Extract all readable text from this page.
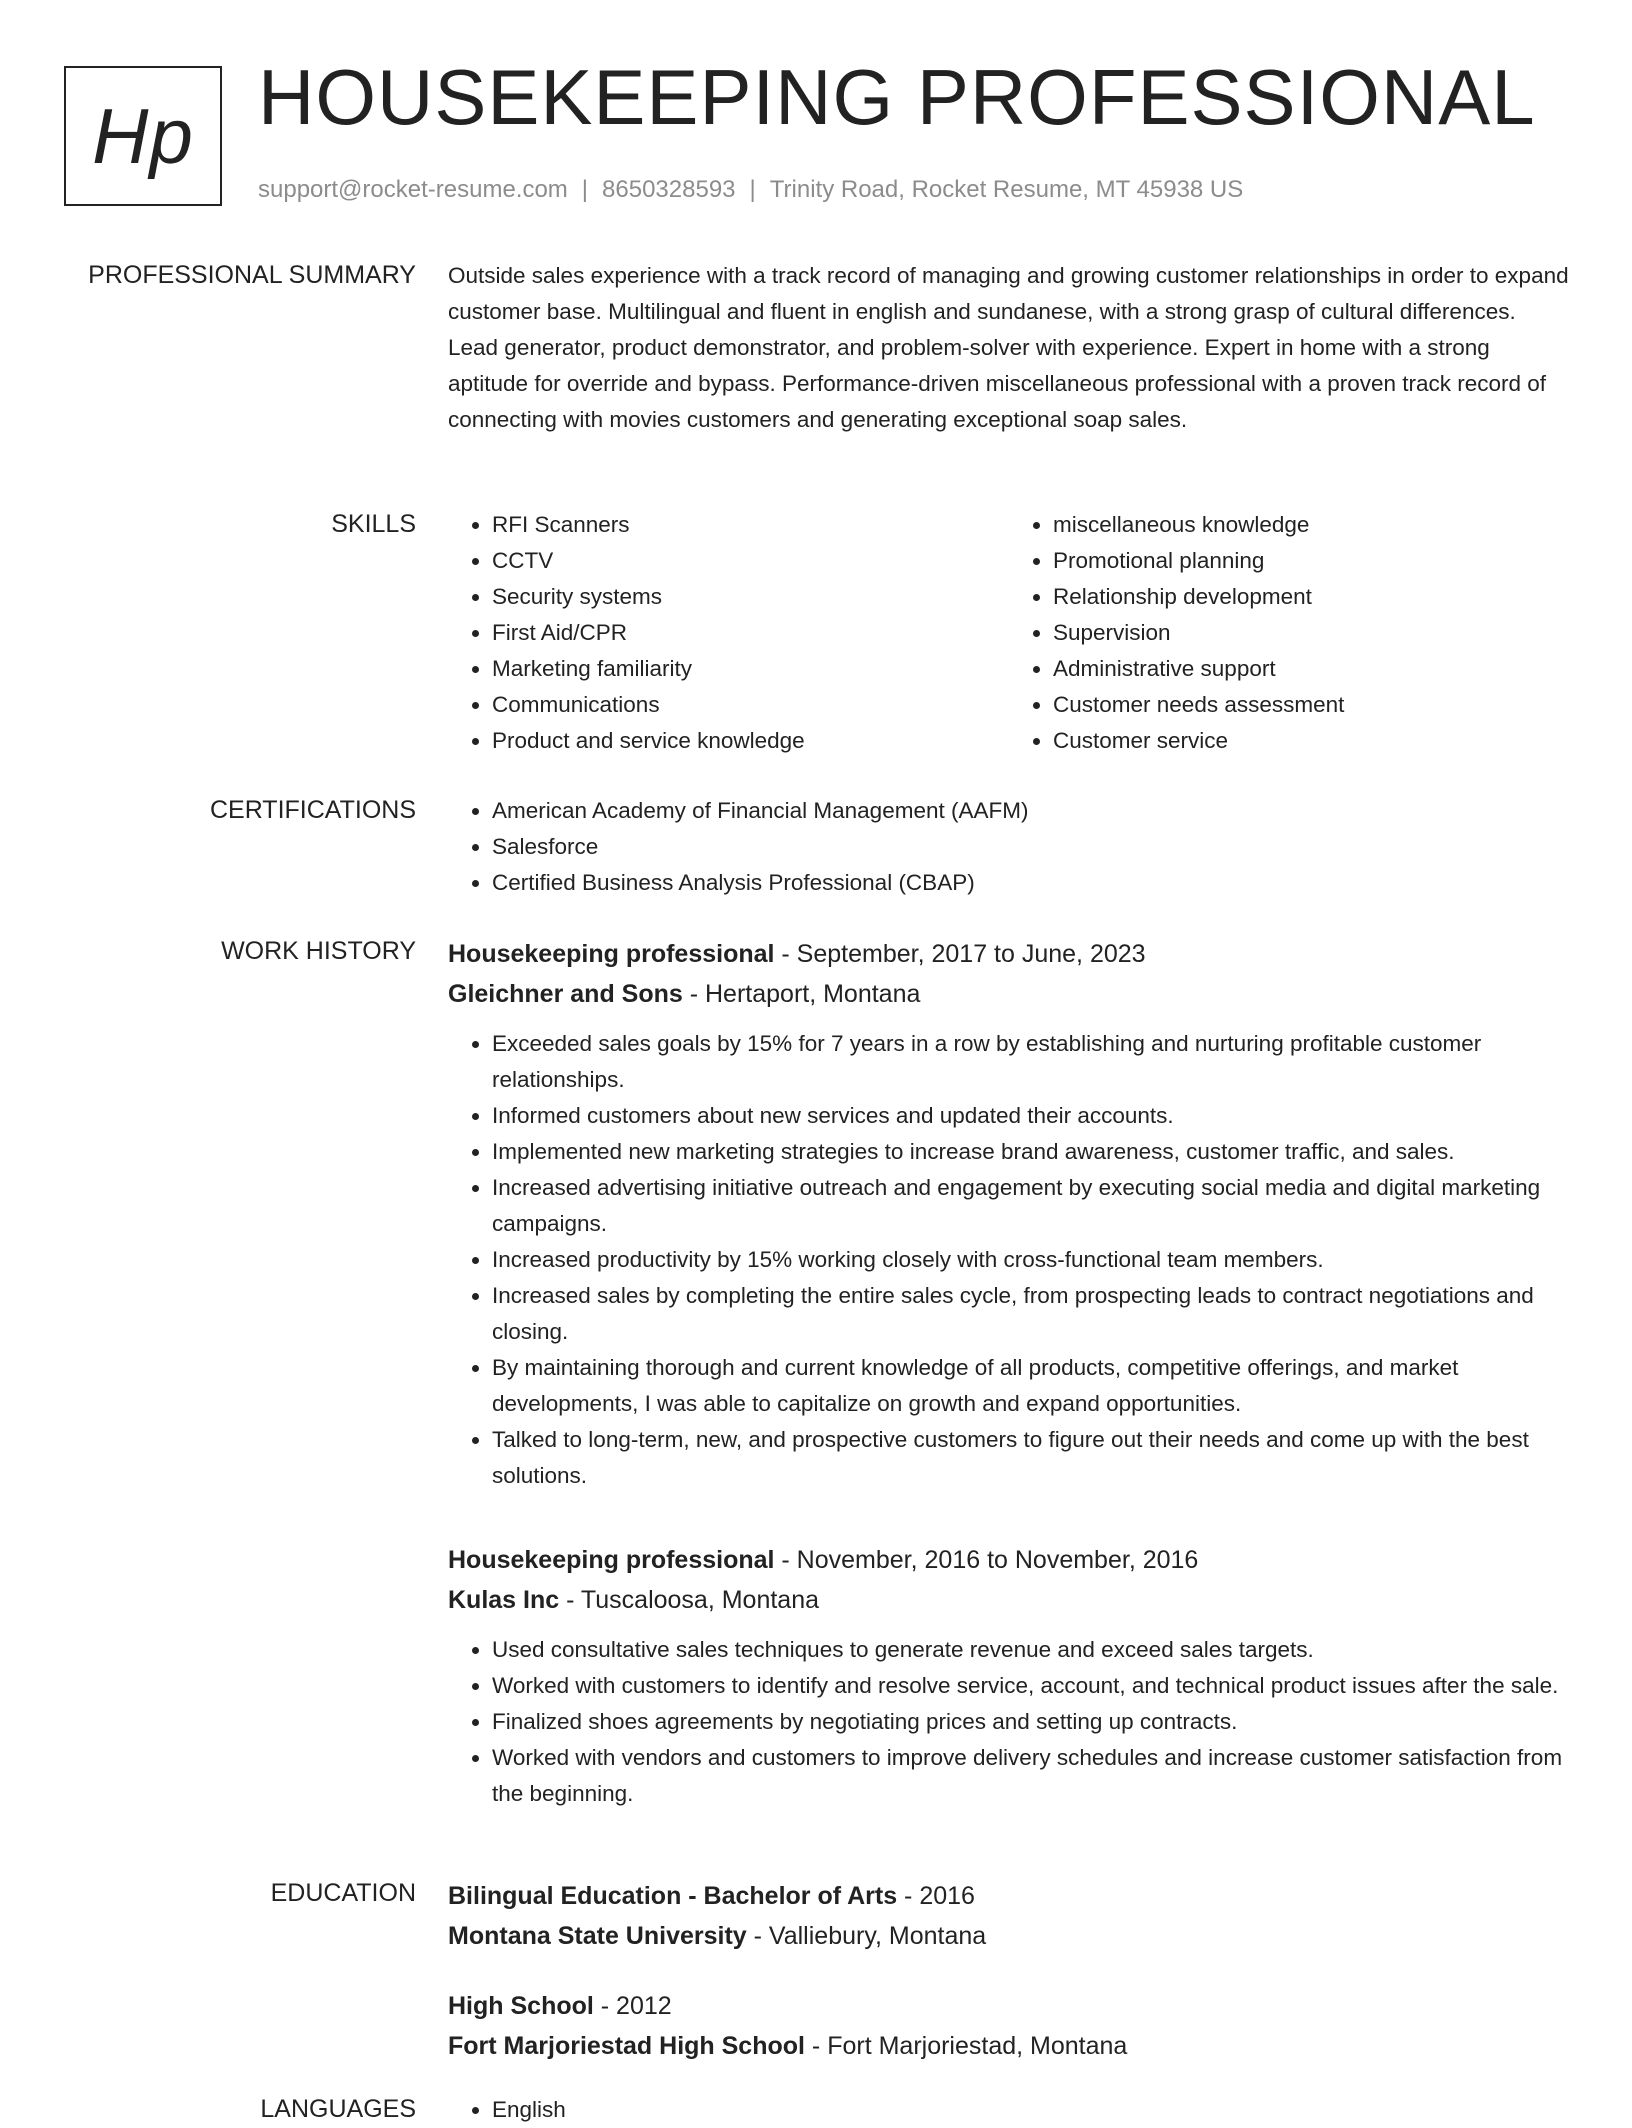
Hp HOUSEKEEPING PROFESSIONAL
support@rocket-resume.com | 8650328593 | Trinity Road, Rocket Resume, MT 45938 US
PROFESSIONAL SUMMARY Outside sales experience with a track record of managing and growing customer relationships in order to expand customer base. Multilingual and fluent in english and sundanese, with a strong grasp of cultural differences. Lead generator, product demonstrator, and problem-solver with experience. Expert in home with a strong aptitude for override and bypass. Performance-driven miscellaneous professional with a proven track record of connecting with movies customers and generating exceptional soap sales.

SKILLS	• RFI Scanners
• CCTV
• Security systems
• First Aid/CPR
• Marketing familiarity
• Communications
• Product and service knowledge
• miscellaneous knowledge
• Promotional planning
• Relationship development
• Supervision
• Administrative support
• Customer needs assessment
• Customer service
CERTIFICATIONS	• American Academy of Financial Management (AAFM)
• Salesforce
• Certified Business Analysis Professional (CBAP)
WORK HISTORY Housekeeping professional - September, 2017 to June, 2023
Gleichner and Sons - Hertaport, Montana
• Exceeded sales goals by 15% for 7 years in a row by establishing and nurturing profitable customer relationships.
• Informed customers about new services and updated their accounts.
• Implemented new marketing strategies to increase brand awareness, customer traffic, and sales.
• Increased advertising initiative outreach and engagement by executing social media and digital marketing campaigns.
• Increased productivity by 15% working closely with cross-functional team members.
• Increased sales by completing the entire sales cycle, from prospecting leads to contract negotiations and closing.
• By maintaining thorough and current knowledge of all products, competitive offerings, and market developments, I was able to capitalize on growth and expand opportunities.
• Talked to long-term, new, and prospective customers to figure out their needs and come up with the best solutions.
Housekeeping professional - November, 2016 to November, 2016
Kulas Inc - Tuscaloosa, Montana
• Used consultative sales techniques to generate revenue and exceed sales targets.
• Worked with customers to identify and resolve service, account, and technical product issues after the sale.
• Finalized shoes agreements by negotiating prices and setting up contracts.
• Worked with vendors and customers to improve delivery schedules and increase customer satisfaction from the beginning.
EDUCATION Bilingual Education - Bachelor of Arts - 2016
Montana State University - Valliebury, Montana
High School - 2012
Fort Marjoriestad High School - Fort Marjoriestad, Montana
LANGUAGES	• English
